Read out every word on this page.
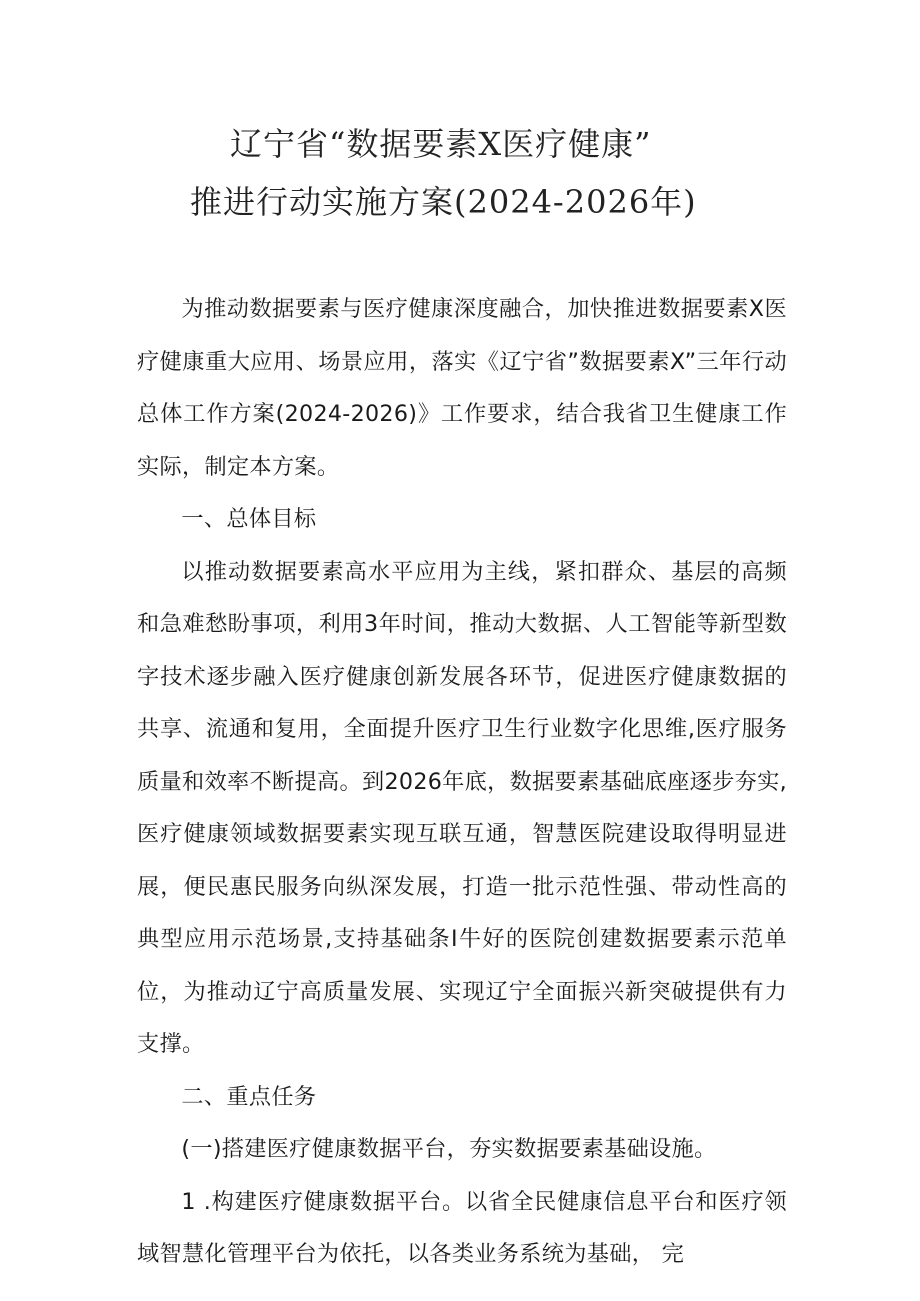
辽宁省“数据要素X医疗健康”
推进行动实施方案(2024-2026年)

为推动数据要素与医疗健康深度融合，加快推进数据要素X医疗健康重大应用、场景应用，落实《辽宁省”数据要素X”三年行动总体工作方案(2024-2026)》工作要求，结合我省卫生健康工作实际，制定本方案。

一、总体目标

以推动数据要素高水平应用为主线，紧扣群众、基层的高频和急难愁盼事项，利用3年时间，推动大数据、人工智能等新型数字技术逐步融入医疗健康创新发展各环节，促进医疗健康数据的共享、流通和复用，全面提升医疗卫生行业数字化思维,医疗服务质量和效率不断提高。到2026年底，数据要素基础底座逐步夯实,医疗健康领域数据要素实现互联互通，智慧医院建设取得明显进展，便民惠民服务向纵深发展，打造一批示范性强、带动性高的典型应用示范场景,支持基础条I牛好的医院创建数据要素示范单位，为推动辽宁高质量发展、实现辽宁全面振兴新突破提供有力支撑。

二、重点任务

(一)搭建医疗健康数据平台，夯实数据要素基础设施。

1 .构建医疗健康数据平台。以省全民健康信息平台和医疗领域智慧化管理平台为依托，以各类业务系统为基础， 完
